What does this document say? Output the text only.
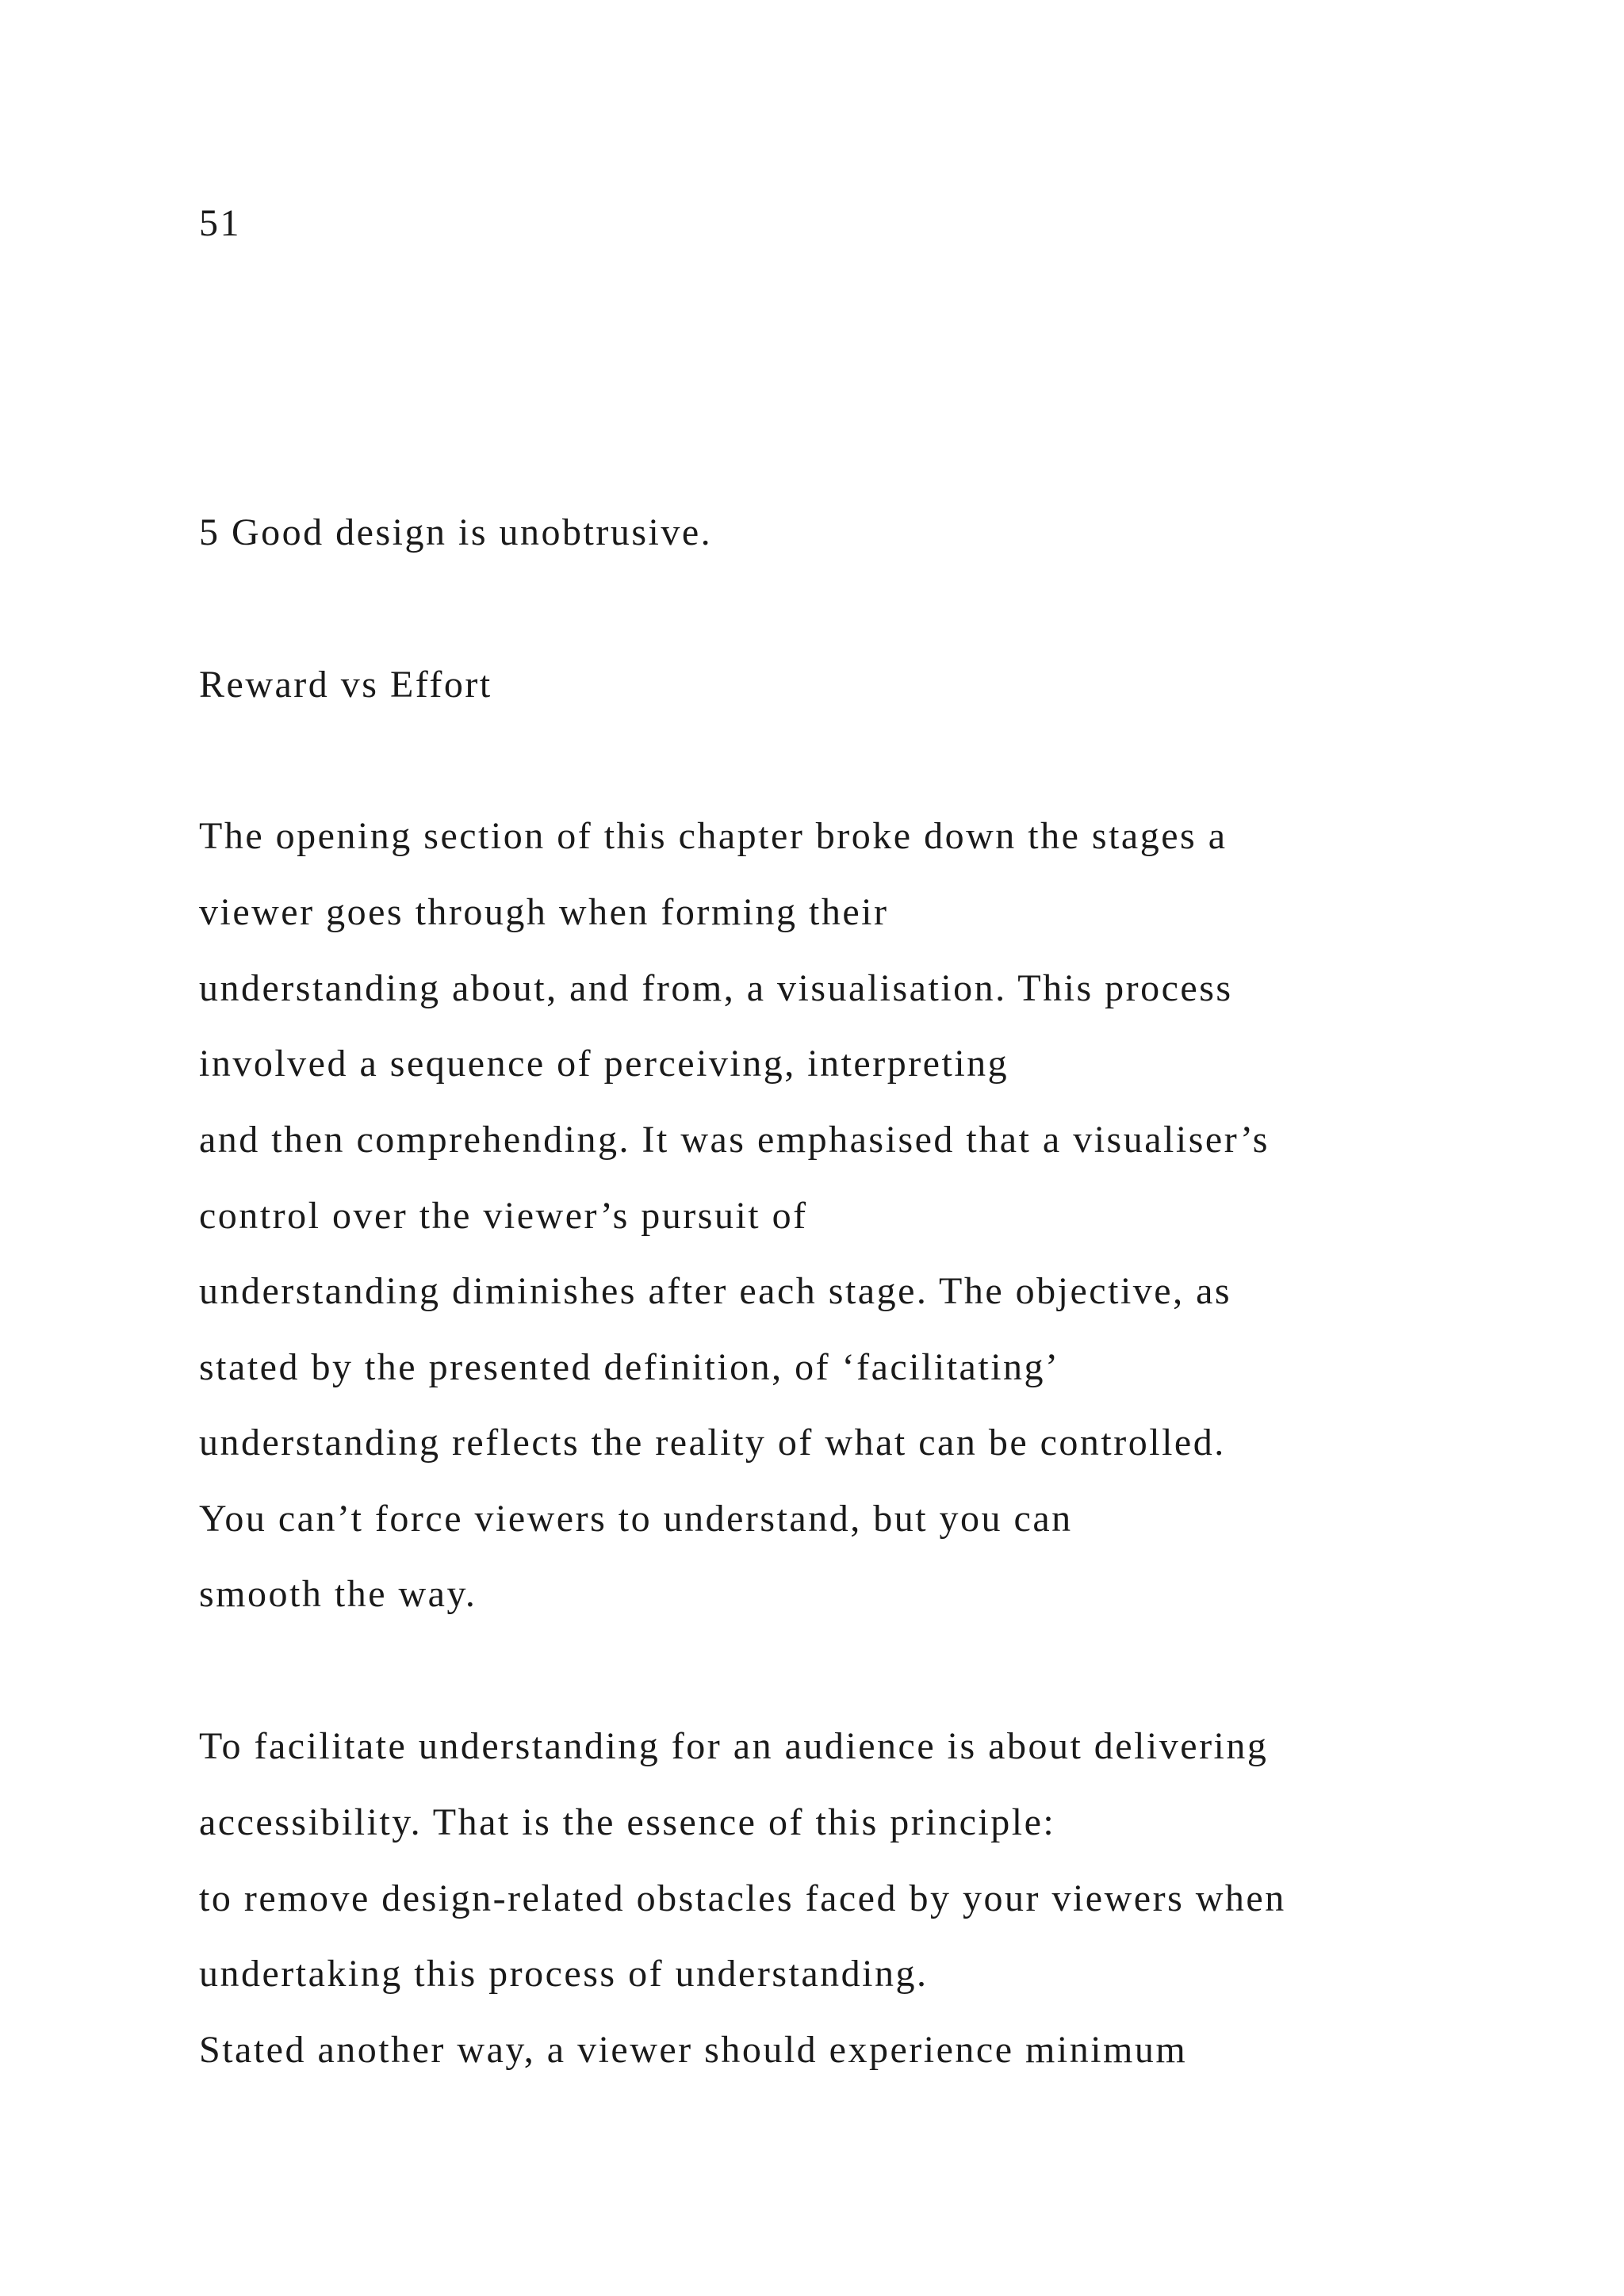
51

5 Good design is unobtrusive.

Reward vs Effort

The opening section of this chapter broke down the stages a

viewer goes through when forming their

understanding about, and from, a visualisation. This process

involved a sequence of perceiving, interpreting

and then comprehending. It was emphasised that a visualiser’s

control over the viewer’s pursuit of

understanding diminishes after each stage. The objective, as

stated by the presented definition, of ‘facilitating’

understanding reflects the reality of what can be controlled.

You can’t force viewers to understand, but you can

smooth the way.

To facilitate understanding for an audience is about delivering

accessibility. That is the essence of this principle:

to remove design-related obstacles faced by your viewers when

undertaking this process of understanding.

Stated another way, a viewer should experience minimum
